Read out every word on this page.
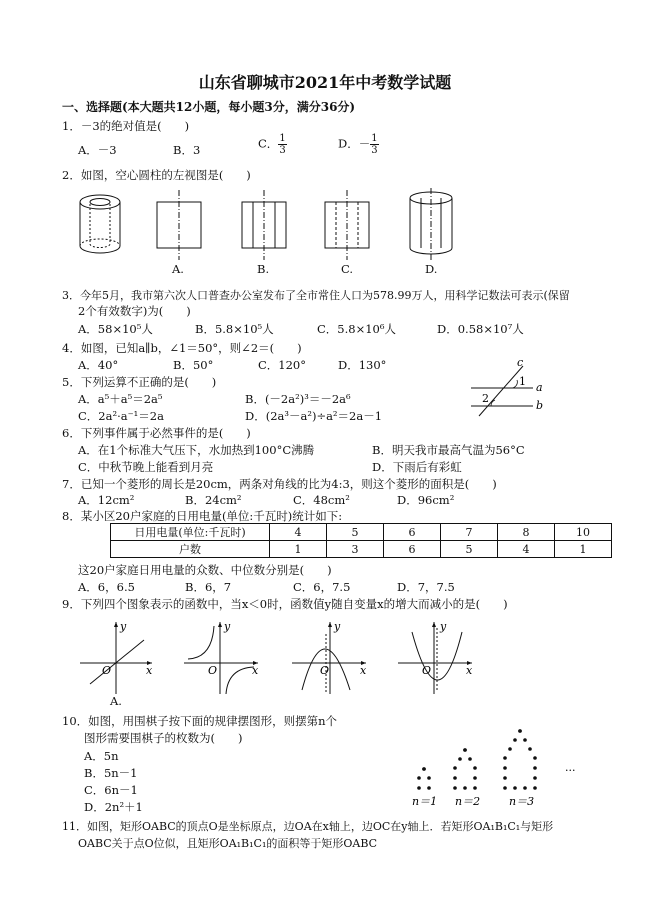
山东省聊城市2021年中考数学试题
一、选择题(本大题共12小题，每小题3分，满分36分)
1．－3的绝对值是(　　)
A．－3	B．3	C． $\frac{1}{3}$	D．－ $\frac{1}{3}$
2．如图，空心圆柱的左视图是(　　)
A.	B.	C.	D.
3．今年5月，我市第六次人口普查办公室发布了全市常住人口为578.99万人，用科学记数法可表示(保留
2个有效数字)为(　　)
A．58×10⁵人	B．5.8×10⁵人	C．5.8×10⁶人	D．0.58×10⁷人
4．如图，已知a∥b，∠1＝50°，则∠2＝(　　)
A．40°	B．50°	C．120°	D．130°	c
a
b
1
2
5．下列运算不正确的是(　　)
A．a⁵＋a⁵＝2a⁵	B．(－2a²)³＝－2a⁶
C．2a²·a⁻¹＝2a	D．(2a³－a²)÷a²＝2a－1
6．下列事件属于必然事件的是(　　)
A．在1个标准大气压下，水加热到100°C沸腾	B．明天我市最高气温为56°C
C．中秋节晚上能看到月亮	D．下雨后有彩虹
7．已知一个菱形的周长是20cm，两条对角线的比为4:3，则这个菱形的面积是(　　)
A．12cm²	B．24cm²	C．48cm²	D．96cm²
8．某小区20户家庭的日用电量(单位:千瓦时)统计如下:
日用电量(单位:千瓦时)	4	5	6	7	8	10
户数	1	3	6	5	4	1
这20户家庭日用电量的众数、中位数分别是(　　)
A．6，6.5	B．6，7	C．6，7.5	D．7，7.5
9．下列四个图象表示的函数中，当x＜0时，函数值y随自变量x的增大而减小的是(　　)
y
x
O
A.
y
x
O
y
x
O
y
x
O
10．如图，用围棋子按下面的规律摆图形，则摆第n个
图形需要围棋子的枚数为(　　)
A．5n
B．5n－1
C．6n－1
D．2n²＋1
···
n＝1 n＝2	n＝3
11．如图，矩形OABC的顶点O是坐标原点，边OA在x轴上，边OC在y轴上．若矩形OA₁B₁C₁与矩形
OABC关于点O位似，且矩形OA₁B₁C₁的面积等于矩形OABC
